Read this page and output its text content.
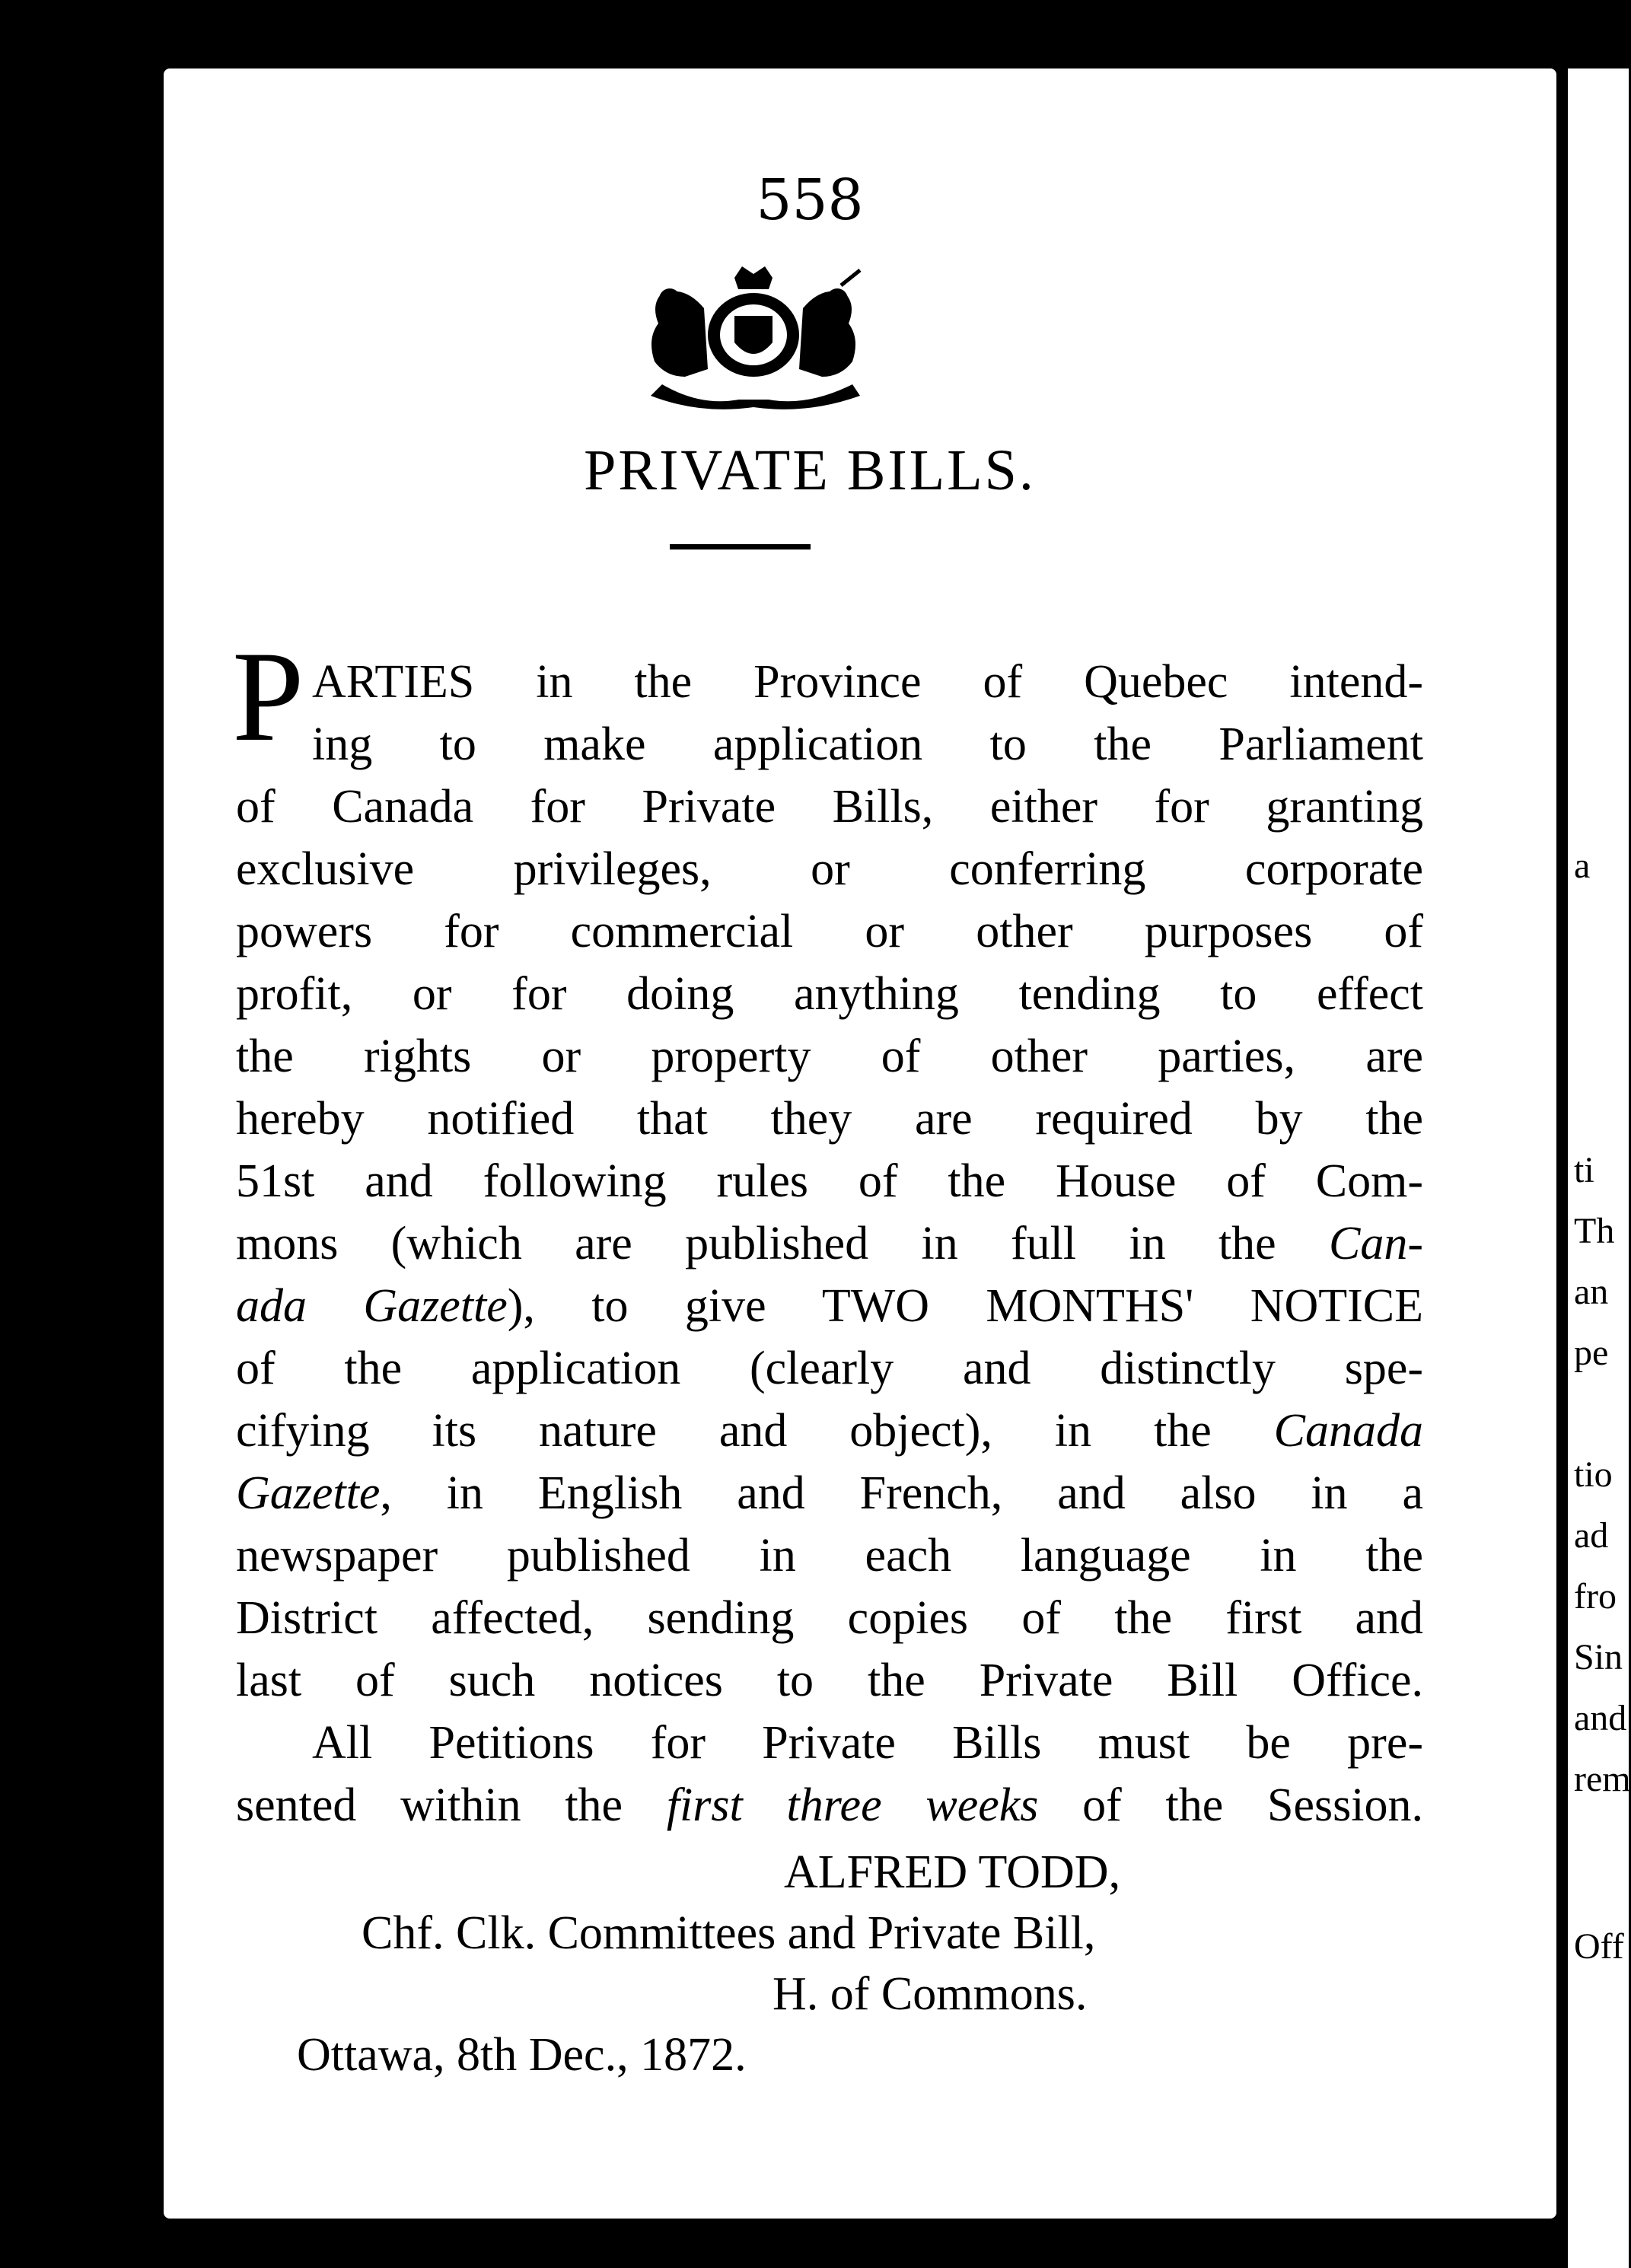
558
PRIVATE BILLS.
P ARTIES in the Province of Quebec intend-
ing to make application to the Parliament
of Canada for Private Bills, either for granting
exclusive privileges, or conferring corporate
powers for commercial or other purposes of
profit, or for doing anything tending to effect
the rights or property of other parties, are
hereby notified that they are required by the
51st and following rules of the House of Com-
mons (which are published in full in the Can-
ada Gazette), to give TWO MONTHS' NOTICE
of the application (clearly and distinctly spe-
cifying its nature and object), in the Canada
Gazette, in English and French, and also in a
newspaper published in each language in the
District affected, sending copies of the first and
last of such notices to the Private Bill Office.
All Petitions for Private Bills must be pre-
sented within the first three weeks of the Session.
ALFRED TODD,
Chf. Clk. Committees and Private Bill,
H. of Commons.
Ottawa, 8th Dec., 1872.
a
ti
Th
an
pe
tio
ad
fro
Sin
and
rem
Off
